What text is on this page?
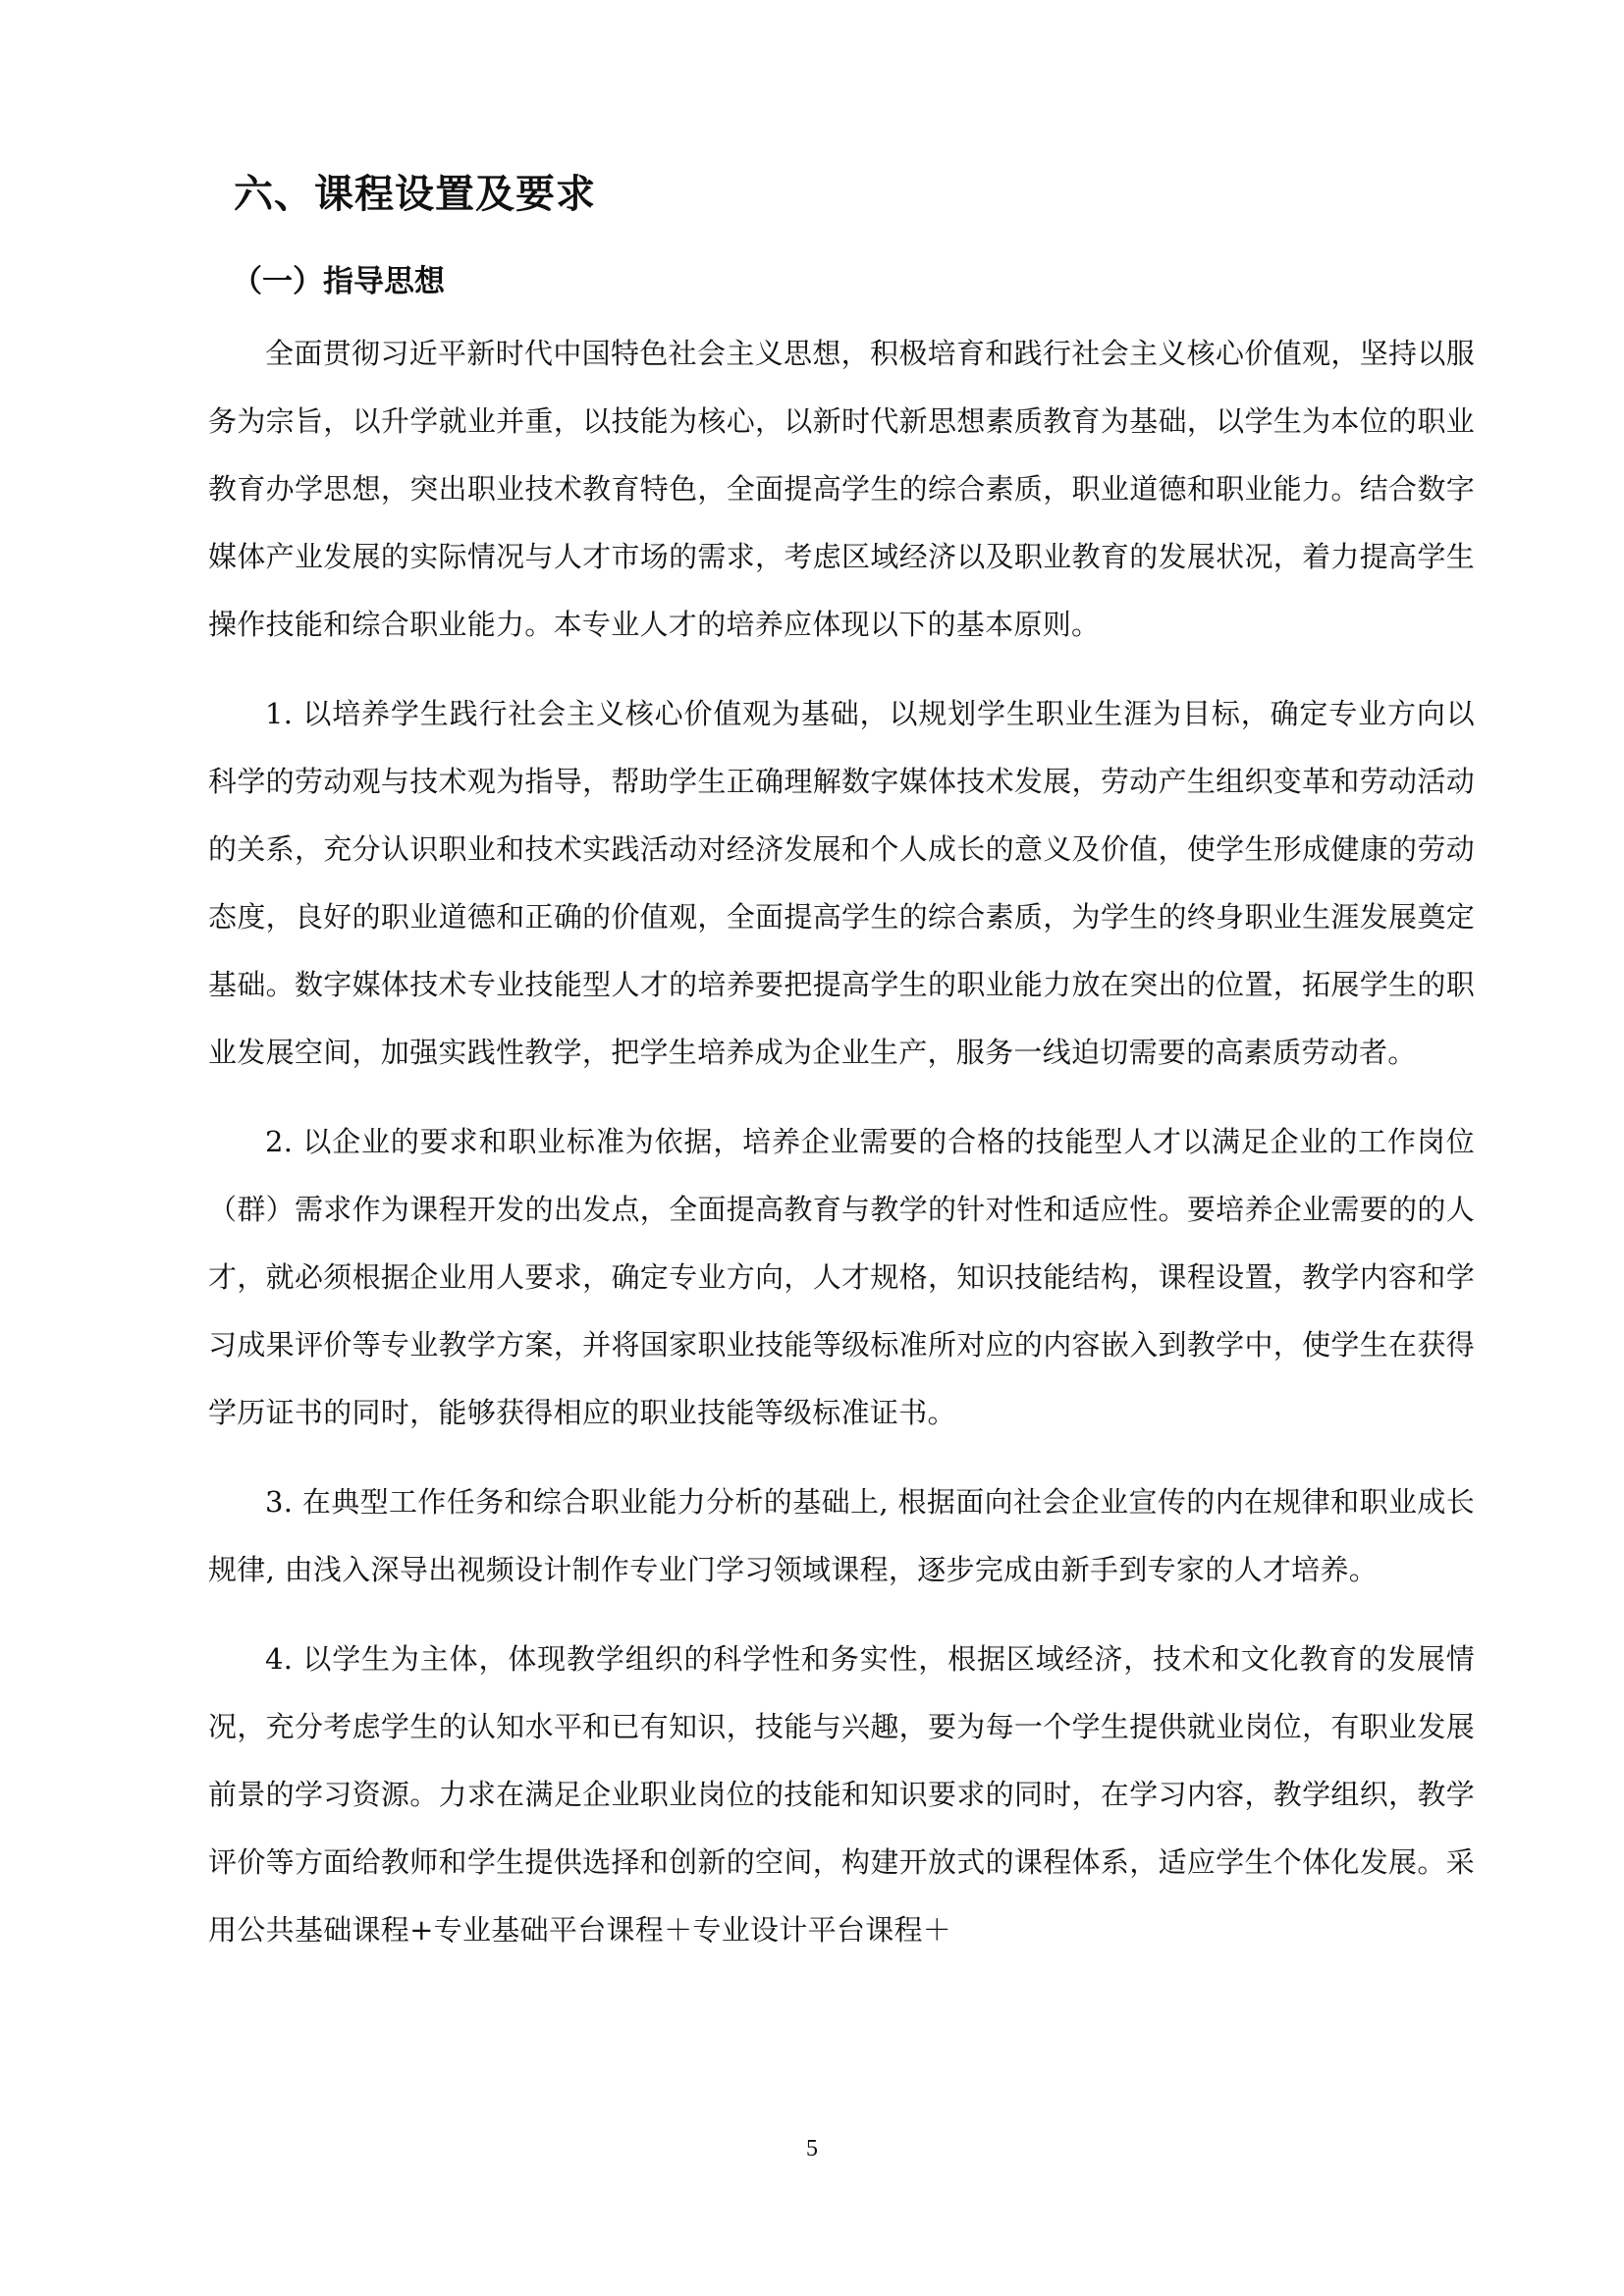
六、课程设置及要求
（一）指导思想

全面贯彻习近平新时代中国特色社会主义思想，积极培育和践行社会主义核心价值观，坚持以服务为宗旨，以升学就业并重，以技能为核心，以新时代新思想素质教育为基础，以学生为本位的职业教育办学思想，突出职业技术教育特色，全面提高学生的综合素质，职业道德和职业能力。结合数字媒体产业发展的实际情况与人才市场的需求，考虑区域经济以及职业教育的发展状况，着力提高学生操作技能和综合职业能力。本专业人才的培养应体现以下的基本原则。

1. 以培养学生践行社会主义核心价值观为基础，以规划学生职业生涯为目标，确定专业方向以科学的劳动观与技术观为指导，帮助学生正确理解数字媒体技术发展，劳动产生组织变革和劳动活动的关系，充分认识职业和技术实践活动对经济发展和个人成长的意义及价值，使学生形成健康的劳动态度，良好的职业道德和正确的价值观，全面提高学生的综合素质，为学生的终身职业生涯发展奠定基础。数字媒体技术专业技能型人才的培养要把提高学生的职业能力放在突出的位置，拓展学生的职业发展空间，加强实践性教学，把学生培养成为企业生产，服务一线迫切需要的高素质劳动者。

2. 以企业的要求和职业标准为依据，培养企业需要的合格的技能型人才以满足企业的工作岗位（群）需求作为课程开发的出发点，全面提高教育与教学的针对性和适应性。要培养企业需要的的人才，就必须根据企业用人要求，确定专业方向，人才规格，知识技能结构，课程设置，教学内容和学习成果评价等专业教学方案，并将国家职业技能等级标准所对应的内容嵌入到教学中，使学生在获得学历证书的同时，能够获得相应的职业技能等级标准证书。

3. 在典型工作任务和综合职业能力分析的基础上, 根据面向社会企业宣传的内在规律和职业成长规律, 由浅入深导出视频设计制作专业门学习领域课程，逐步完成由新手到专家的人才培养。

4. 以学生为主体，体现教学组织的科学性和务实性，根据区域经济，技术和文化教育的发展情况，充分考虑学生的认知水平和已有知识，技能与兴趣，要为每一个学生提供就业岗位，有职业发展前景的学习资源。力求在满足企业职业岗位的技能和知识要求的同时，在学习内容，教学组织，教学评价等方面给教师和学生提供选择和创新的空间，构建开放式的课程体系，适应学生个体化发展。采用公共基础课程+专业基础平台课程＋专业设计平台课程＋

5
